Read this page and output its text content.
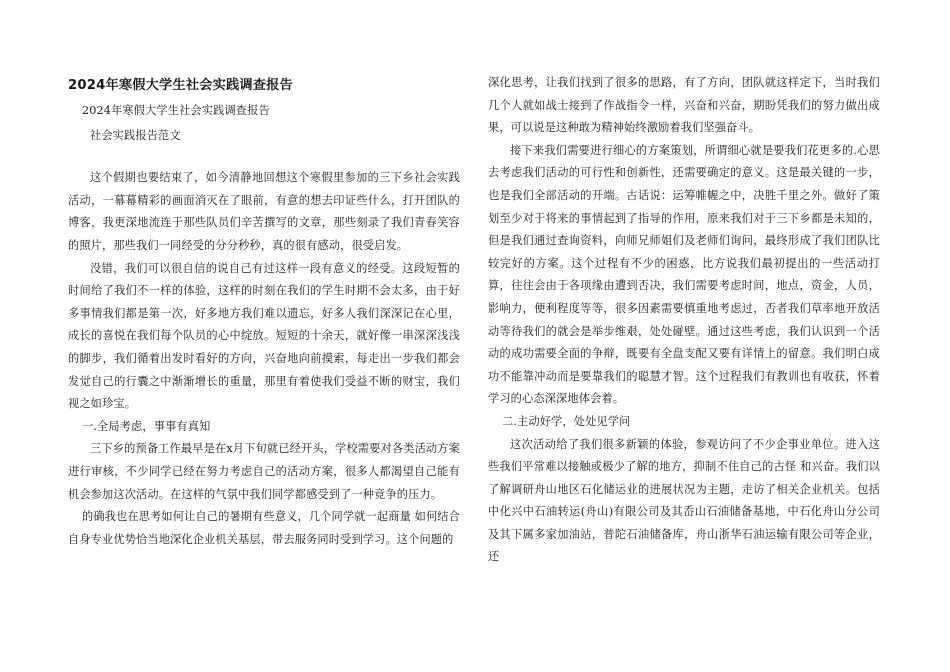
2024年寒假大学生社会实践调查报告

2024年寒假大学生社会实践调查报告

社会实践报告范文

这个假期也要结束了，如今清静地回想这个寒假里参加的三下乡社会实践活动，一幕幕精彩的画面消灭在了眼前，有意的想去印证些什么，打开团队的博客，我更深地流连于那些队员们辛苦撰写的文章，那些刻录了我们青春笑容的照片，那些我们一同经受的分分秒秒，真的很有感动，很受启发。

没错，我们可以很自信的说自己有过这样一段有意义的经受。这段短暂的时间给了我们不一样的体验，这样的时刻在我们的学生时期不会太多，由于好多事情我们都是第一次，好多地方我们难以遗忘，好多人我们深深记在心里，成长的喜悦在我们每个队员的心中绽放。短短的十余天，就好像一串深深浅浅的脚步，我们循着出发时看好的方向，兴奋地向前摸索，每走出一步我们都会发觉自己的行囊之中渐渐增长的重量，那里有着使我们受益不断的财宝，我们视之如珍宝。

一.全局考虑，事事有真知

三下乡的预备工作最早是在x月下旬就已经开头，学校需要对各类活动方案进行审核，不少同学已经在努力考虑自己的活动方案，很多人都渴望自己能有机会参加这次活动。在这样的气氛中我们同学都感受到了一种竞争的压力。

的确我也在思考如何让自己的暑期有些意义，几个同学就一起商量 如何结合自身专业优势恰当地深化企业机关基层，带去服务同时受到学习。这个问题的

深化思考，让我们找到了很多的思路，有了方向，团队就这样定下，当时我们几个人就如战士接到了作战指令一样，兴奋和兴奋，期盼凭我们的努力做出成果，可以说是这种敢为精神始终激励着我们坚强奋斗。

接下来我们需要进行细心的方案策划，所谓细心就是要我们花更多的.心思去考虑我们活动的可行性和创新性，还需要确定的意义。这是最关键的一步，也是我们全部活动的开端。古话说：运筹帷幄之中，决胜千里之外。做好了策划至少对于将来的事情起到了指导的作用，原来我们对于三下乡都是未知的，但是我们通过查询资料，向师兄师姐们及老师们询问，最终形成了我们团队比较完好的方案。这个过程有不少的困惑，比方说我们最初提出的一些活动打算，往往会由于各项缘由遭到否决，我们需要考虑时间，地点，资金，人员，影响力，便利程度等等，很多因素需要慎重地考虑过，否者我们草率地开放活动等待我们的就会是举步维艰，处处碰壁。通过这些考虑，我们认识到一个活动的成功需要全面的争辩，既要有全盘支配又要有详情上的留意。我们明白成功不能靠冲动而是要靠我们的聪慧才智。这个过程我们有教训也有收获，怀着学习的心态深深地体会着。

二.主动好学，处处见学问

这次活动给了我们很多新颖的体验，参观访问了不少企事业单位。进入这些我们平常难以接触或极少了解的地方，抑制不住自己的古怪 和兴奋。我们以了解调研舟山地区石化储运业的进展状况为主题，走访了相关企业机关。包括中化兴中石油转运(舟山)有限公司及其岙山石油储备基地，中石化舟山分公司及其下属多家加油站，普陀石油储备库，舟山浙华石油运输有限公司等企业，还
